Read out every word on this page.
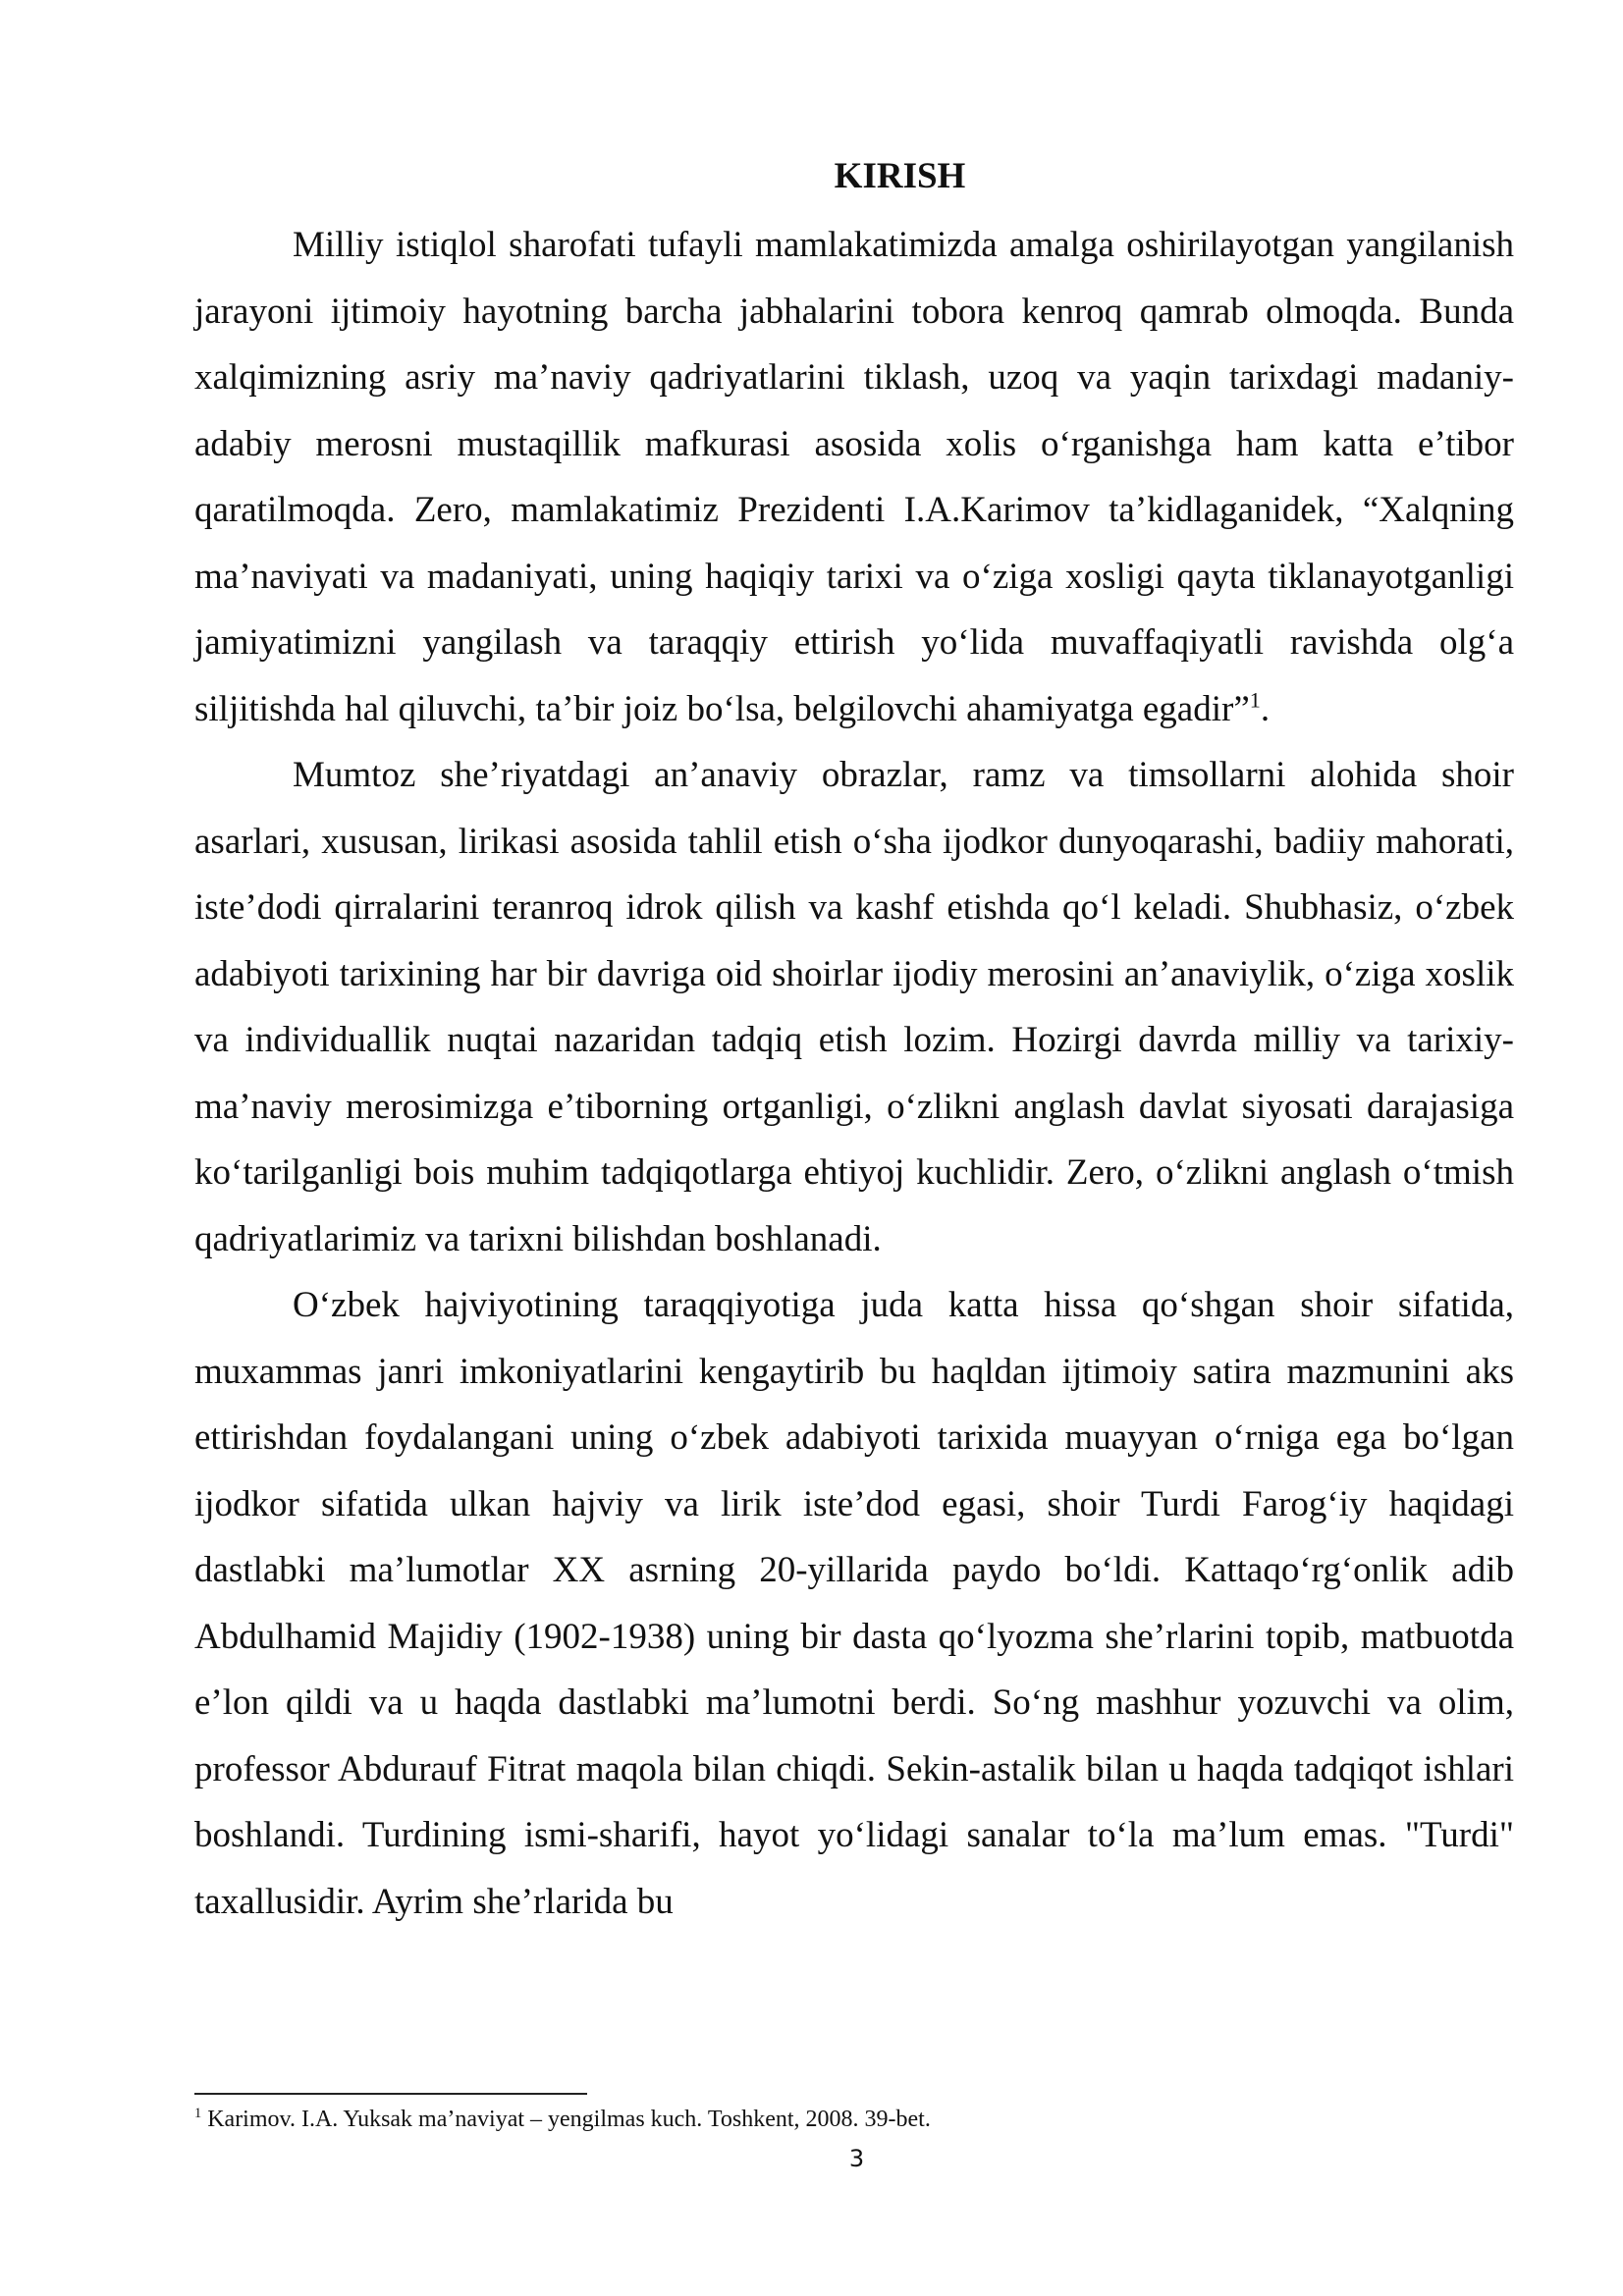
KIRISH

Milliy istiqlol sharofati tufayli mamlakatimizda amalga oshirilayotgan yangilanish jarayoni ijtimoiy hayotning barcha jabhalarini tobora kenroq qamrab olmoqda. Bunda xalqimizning asriy ma’naviy qadriyatlarini tiklash, uzoq va yaqin tarixdagi madaniy-adabiy merosni mustaqillik mafkurasi asosida xolis o‘rganishga ham katta e’tibor qaratilmoqda. Zero, mamlakatimiz Prezidenti I.A.Karimov ta’kidlaganidek, “Xalqning ma’naviyati va madaniyati, uning haqiqiy tarixi va o‘ziga xosligi qayta tiklanayotganligi jamiyatimizni yangilash va taraqqiy ettirish yo‘lida muvaffaqiyatli ravishda olg‘a siljitishda hal qiluvchi, ta’bir joiz bo‘lsa, belgilovchi ahamiyatga egadir”$^1$.

Mumtoz she’riyatdagi an’anaviy obrazlar, ramz va timsollarni alohida shoir asarlari, xususan, lirikasi asosida tahlil etish o‘sha ijodkor dunyoqarashi, badiiy mahorati, iste’dodi qirralarini teranroq idrok qilish va kashf etishda qo‘l keladi. Shubhasiz, o‘zbek adabiyoti tarixining har bir davriga oid shoirlar ijodiy merosini an’anaviylik, o‘ziga xoslik va individuallik nuqtai nazaridan tadqiq etish lozim. Hozirgi davrda milliy va tarixiy-ma’naviy merosimizga e’tiborning ortganligi, o‘zlikni anglash davlat siyosati darajasiga ko‘tarilganligi bois muhim tadqiqotlarga ehtiyoj kuchlidir. Zero, o‘zlikni anglash o‘tmish qadriyatlarimiz va tarixni bilishdan boshlanadi.

O‘zbek hajviyotining taraqqiyotiga juda katta hissa qo‘shgan shoir sifatida, muxammas janri imkoniyatlarini kengaytirib bu haqldan ijtimoiy satira mazmunini aks ettirishdan foydalangani uning o‘zbek adabiyoti tarixida muayyan o‘rniga ega bo‘lgan ijodkor sifatida ulkan hajviy va lirik iste’dod egasi, shoir Turdi Farog‘iy haqidagi dastlabki ma’lumotlar XX asrning 20-yillarida paydo bo‘ldi. Kattaqo‘rg‘onlik adib Abdulhamid Majidiy (1902-1938) uning bir dasta qo‘lyozma she’rlarini topib, matbuotda e’lon qildi va u haqda dastlabki ma’lumotni berdi. So‘ng mashhur yozuvchi va olim, professor Abdurauf Fitrat maqola bilan chiqdi. Sekin-astalik bilan u haqda tadqiqot ishlari boshlandi. Turdining ismi-sharifi, hayot yo‘lidagi sanalar to‘la ma’lum emas. "Turdi" taxallusidir. Ayrim she’rlarida bu

$^1$ Karimov. I.A. Yuksak ma’naviyat – yengilmas kuch. Toshkent, 2008. 39-bet.
3
